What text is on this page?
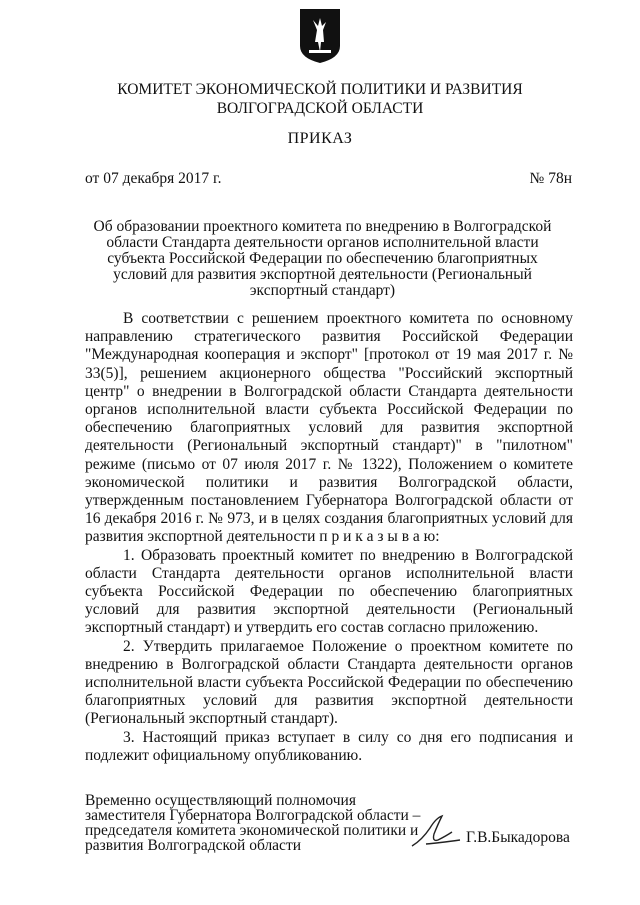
КОМИТЕТ ЭКОНОМИЧЕСКОЙ ПОЛИТИКИ И РАЗВИТИЯ
ВОЛГОГРАДСКОЙ ОБЛАСТИ
ПРИКАЗ
от 07 декабря 2017 г.	№ 78н
Об образовании проектного комитета по внедрению в Волгоградской области Стандарта деятельности органов исполнительной власти субъекта Российской Федерации по обеспечению благоприятных условий для развития экспортной деятельности (Региональный экспортный стандарт)

В соответствии с решением проектного комитета по основному направлению стратегического развития Российской Федерации "Международная кооперация и экспорт" [протокол от 19 мая 2017 г. № 33(5)], решением акционерного общества "Российский экспортный центр" о внедрении в Волгоградской области Стандарта деятельности органов исполнительной власти субъекта Российской Федерации по обеспечению благоприятных условий для развития экспортной деятельности (Региональный экспортный стандарт)" в "пилотном" режиме (письмо от 07 июля 2017 г. № 1322), Положением о комитете экономической политики и развития Волгоградской области, утвержденным постановлением Губернатора Волгоградской области от 16 декабря 2016 г. № 973, и в целях создания благоприятных условий для развития экспортной деятельности п р и к а з ы в а ю:

1. Образовать проектный комитет по внедрению в Волгоградской области Стандарта деятельности органов исполнительной власти субъекта Российской Федерации по обеспечению благоприятных условий для развития экспортной деятельности (Региональный экспортный стандарт) и утвердить его состав согласно приложению.

2. Утвердить прилагаемое Положение о проектном комитете по внедрению в Волгоградской области Стандарта деятельности органов исполнительной власти субъекта Российской Федерации по обеспечению благоприятных условий для развития экспортной деятельности (Региональный экспортный стандарт).

3. Настоящий приказ вступает в силу со дня его подписания и подлежит официальному опубликованию.

Временно осуществляющий полномочия
заместителя Губернатора Волгоградской области –
председателя комитета экономической политики и
развития Волгоградской области	Г.В.Быкадорова
